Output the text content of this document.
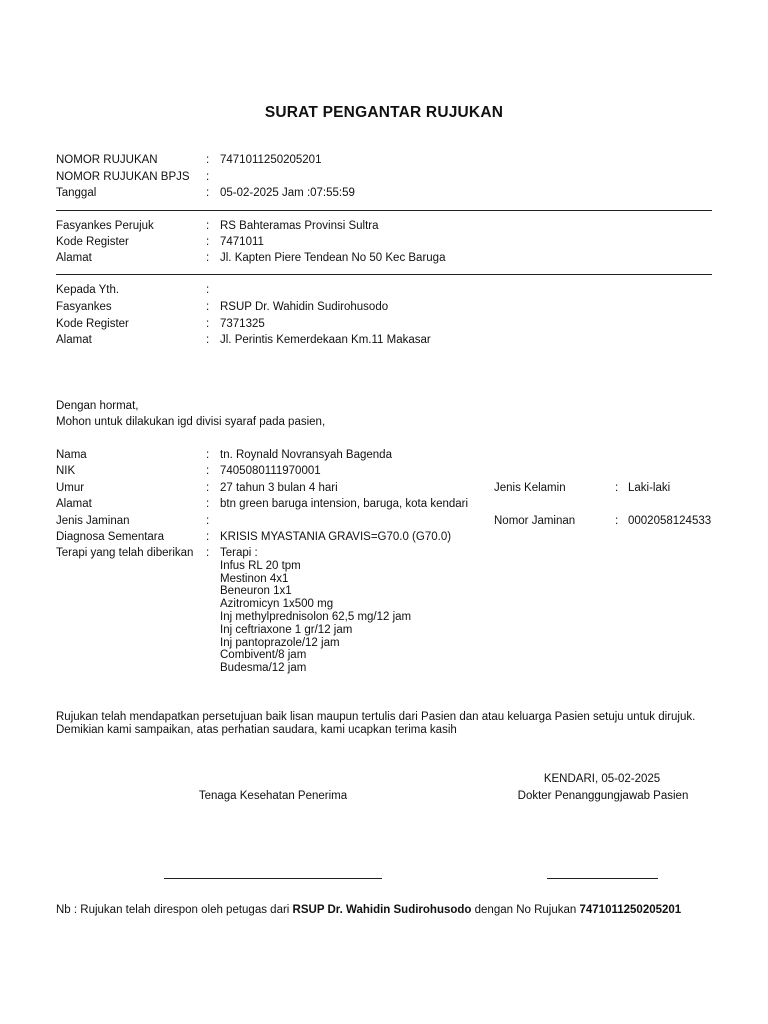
SURAT PENGANTAR RUJUKAN
NOMOR RUJUKAN	: 7471011250205201
NOMOR RUJUKAN BPJS :
Tanggal	: 05-02-2025 Jam :07:55:59
Fasyankes Perujuk	: RS Bahteramas Provinsi Sultra
Kode Register	: 7471011
Alamat	: Jl. Kapten Piere Tendean No 50 Kec Baruga
Kepada Yth.	:
Fasyankes	: RSUP Dr. Wahidin Sudirohusodo
Kode Register	: 7371325
Alamat	: Jl. Perintis Kemerdekaan Km.11 Makasar
Dengan hormat,
Mohon untuk dilakukan igd divisi syaraf pada pasien,
Nama	: tn. Roynald Novransyah Bagenda
NIK	: 7405080111970001
Umur	: 27 tahun 3 bulan 4 hari	Jenis Kelamin	: Laki-laki
Alamat	: btn green baruga intension, baruga, kota kendari
Jenis Jaminan	:	Nomor Jaminan	: 0002058124533
Diagnosa Sementara	: KRISIS MYASTANIA GRAVIS=G70.0 (G70.0)
Terapi yang telah diberikan : Terapi :
Infus RL 20 tpm
Mestinon 4x1
Beneuron 1x1
Azitromicyn 1x500 mg
Inj methylprednisolon 62,5 mg/12 jam
Inj ceftriaxone 1 gr/12 jam
Inj pantoprazole/12 jam
Combivent/8 jam
Budesma/12 jam
Rujukan telah mendapatkan persetujuan baik lisan maupun tertulis dari Pasien dan atau keluarga Pasien setuju untuk dirujuk.
Demikian kami sampaikan, atas perhatian saudara, kami ucapkan terima kasih
KENDARI, 05-02-2025
Tenaga Kesehatan Penerima	Dokter Penanggungjawab Pasien
Nb : Rujukan telah direspon oleh petugas dari RSUP Dr. Wahidin Sudirohusodo dengan No Rujukan 7471011250205201
